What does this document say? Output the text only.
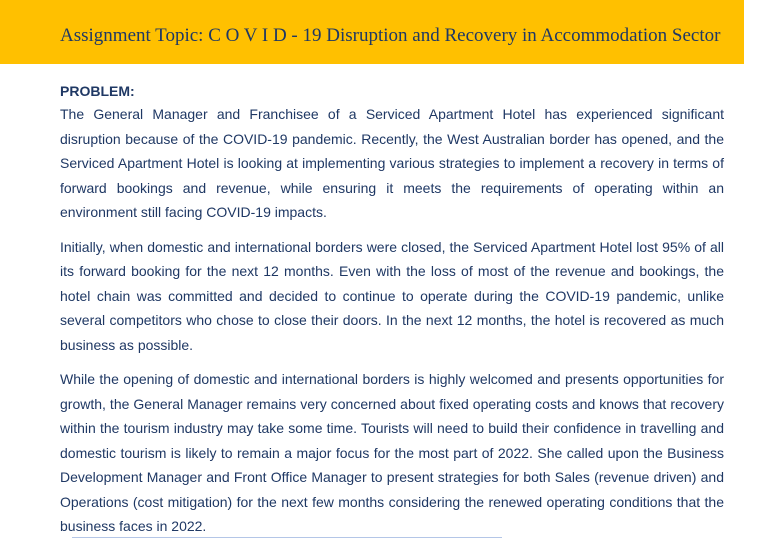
Assignment Topic: C O V I D - 19 Disruption and Recovery in Accommodation Sector

PROBLEM:

The General Manager and Franchisee of a Serviced Apartment Hotel has experienced significant disruption because of the COVID-19 pandemic. Recently, the West Australian border has opened, and the Serviced Apartment Hotel is looking at implementing various strategies to implement a recovery in terms of forward bookings and revenue, while ensuring it meets the requirements of operating within an environment still facing COVID-19 impacts.

Initially, when domestic and international borders were closed, the Serviced Apartment Hotel lost 95% of all its forward booking for the next 12 months. Even with the loss of most of the revenue and bookings, the hotel chain was committed and decided to continue to operate during the COVID-19 pandemic, unlike several competitors who chose to close their doors. In the next 12 months, the hotel is recovered as much business as possible.

While the opening of domestic and international borders is highly welcomed and presents opportunities for growth, the General Manager remains very concerned about fixed operating costs and knows that recovery within the tourism industry may take some time. Tourists will need to build their confidence in travelling and domestic tourism is likely to remain a major focus for the most part of 2022. She called upon the Business Development Manager and Front Office Manager to present strategies for both Sales (revenue driven) and Operations (cost mitigation) for the next few months considering the renewed operating conditions that the business faces in 2022.
